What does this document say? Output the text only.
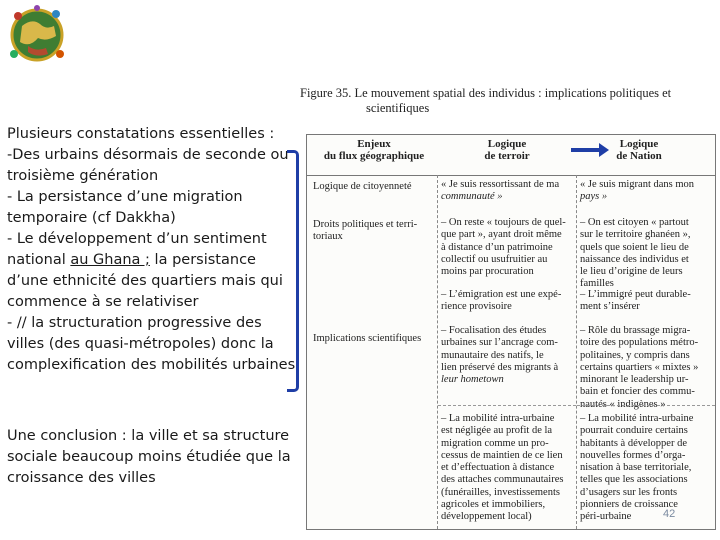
Plusieurs constatations essentielles :
-Des urbains désormais de seconde ou
troisième génération
- La persistance d’une migration
temporaire (cf Dakkha)
- Le développement d’un sentiment
national au Ghana ; la persistance
d’une ethnicité des quartiers mais qui
commence à se relativiser
- // la structuration progressive des
villes (des quasi-métropoles) donc la
complexification des mobilités urbaines
Une conclusion : la ville et sa structure
sociale beaucoup moins étudiée que la
croissance des villes
Figure 35. Le mouvement spatial des individus : implications politiques et
scientifiques
Enjeux
du flux géographique
Logique
de terroir
Logique
de Nation
Logique de citoyenneté
Droits politiques et terri-
toriaux
Implications scientifiques
« Je suis ressortissant de ma
communauté »
– On reste « toujours de quel-
que part », ayant droit même
à distance d’un patrimoine
collectif ou usufruitier au
moins par procuration
– L’émigration est une expé-
rience provisoire
– Focalisation des études
urbaines sur l’ancrage com-
munautaire des natifs, le
lien préservé des migrants à
leur hometown
– La mobilité intra-urbaine
est négligée au profit de la
migration comme un pro-
cessus de maintien de ce lien
et d’effectuation à distance
des attaches communautaires
(funérailles, investissements
agricoles et immobiliers,
développement local)
« Je suis migrant dans mon
pays »
– On est citoyen « partout
sur le territoire ghanéen »,
quels que soient le lieu de
naissance des individus et
le lieu d’origine de leurs
familles
– L’immigré peut durable-
ment s’insérer
– Rôle du brassage migra-
toire des populations métro-
politaines, y compris dans
certains quartiers « mixtes »
minorant le leadership ur-
bain et foncier des commu-
nautés « indigènes »
– La mobilité intra-urbaine
pourrait conduire certains
habitants à développer de
nouvelles formes d’orga-
nisation à base territoriale,
telles que les associations
d’usagers sur les fronts
pionniers de croissance
péri-urbaine	42
